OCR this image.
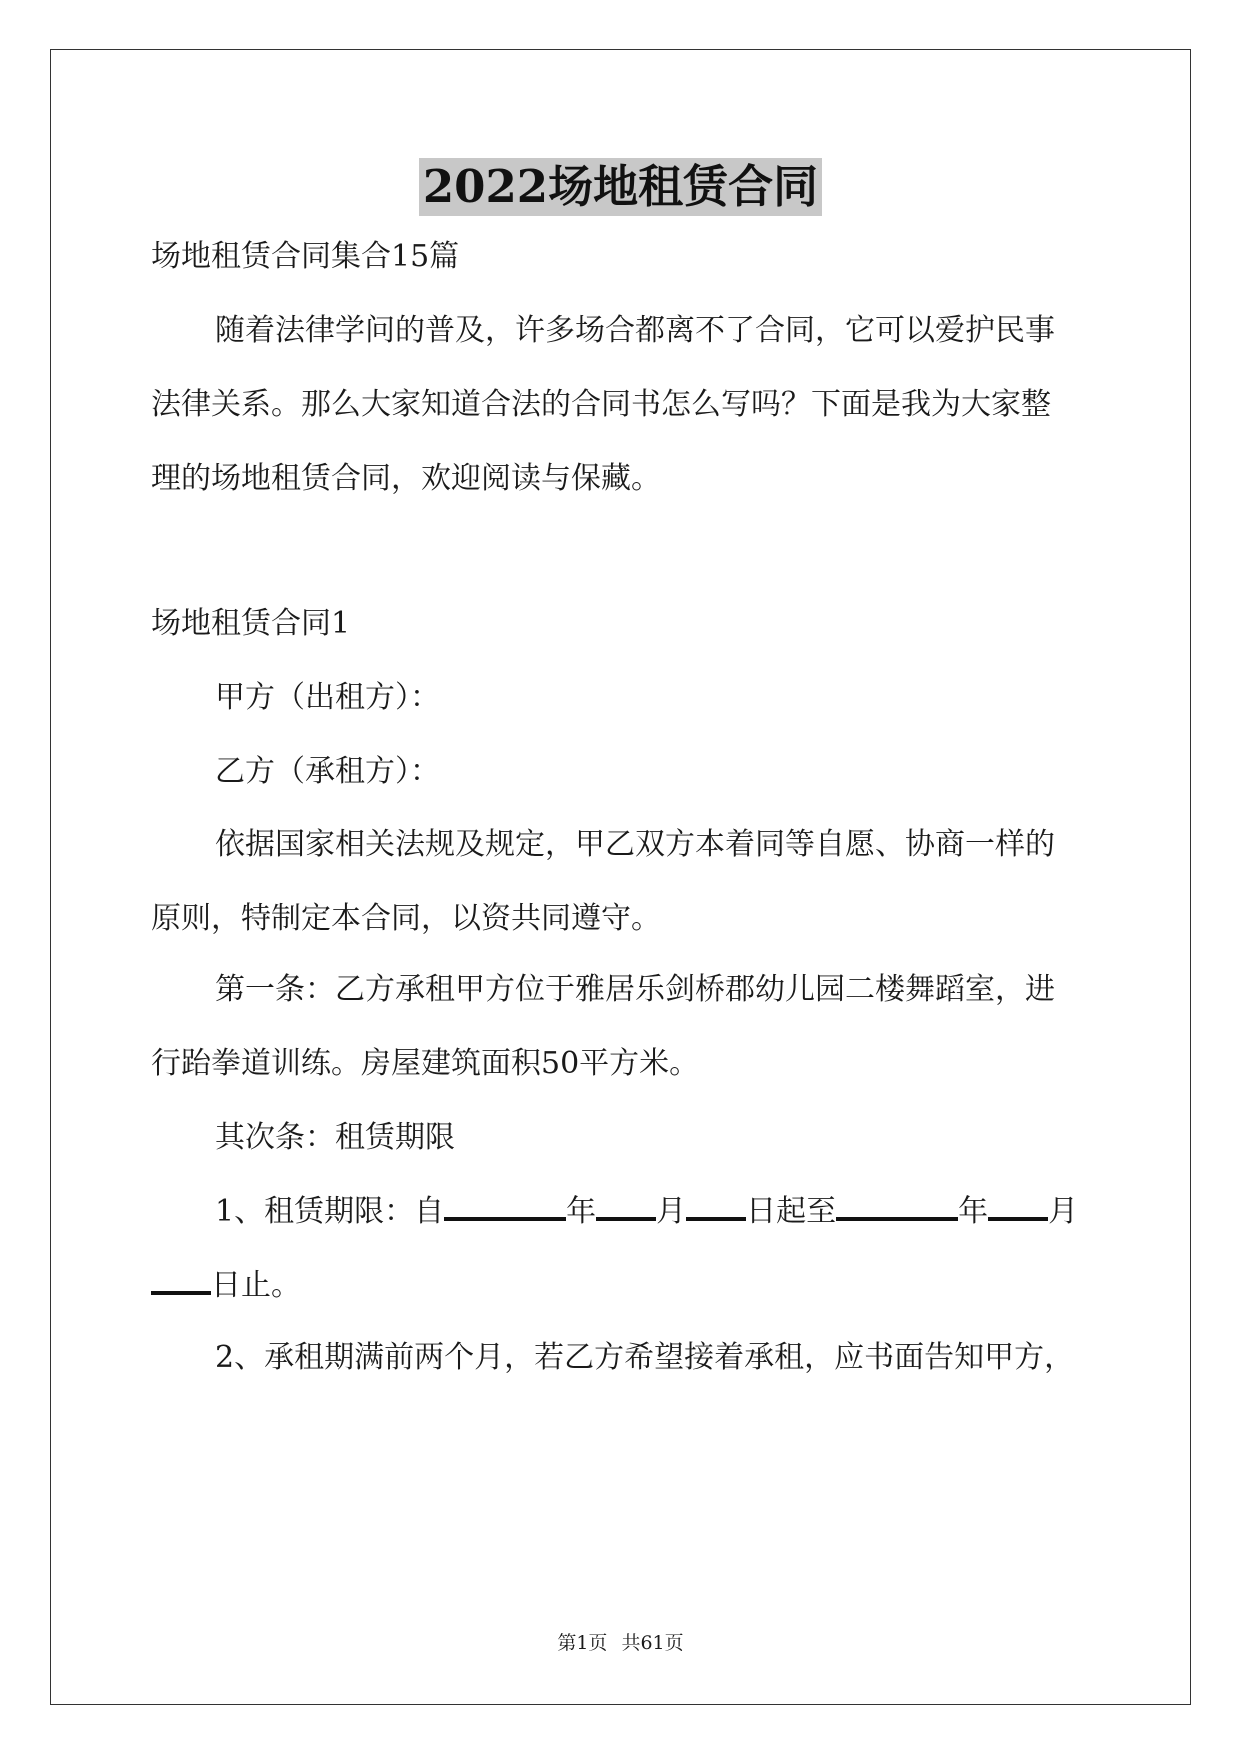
2022场地租赁合同
场地租赁合同集合15篇
随着法律学问的普及，许多场合都离不了合同，它可以爱护民事
法律关系。那么大家知道合法的合同书怎么写吗？下面是我为大家整
理的场地租赁合同，欢迎阅读与保藏。
场地租赁合同1
甲方（出租方）：
乙方（承租方）：
依据国家相关法规及规定，甲乙双方本着同等自愿、协商一样的
原则，特制定本合同，以资共同遵守。
第一条：乙方承租甲方位于雅居乐剑桥郡幼儿园二楼舞蹈室，进
行跆拳道训练。房屋建筑面积50平方米。
其次条：租赁期限
1、租赁期限：自	年 月 日起至	年 月
日止。
2、承租期满前两个月，若乙方希望接着承租，应书面告知甲方，
第1页 共61页
